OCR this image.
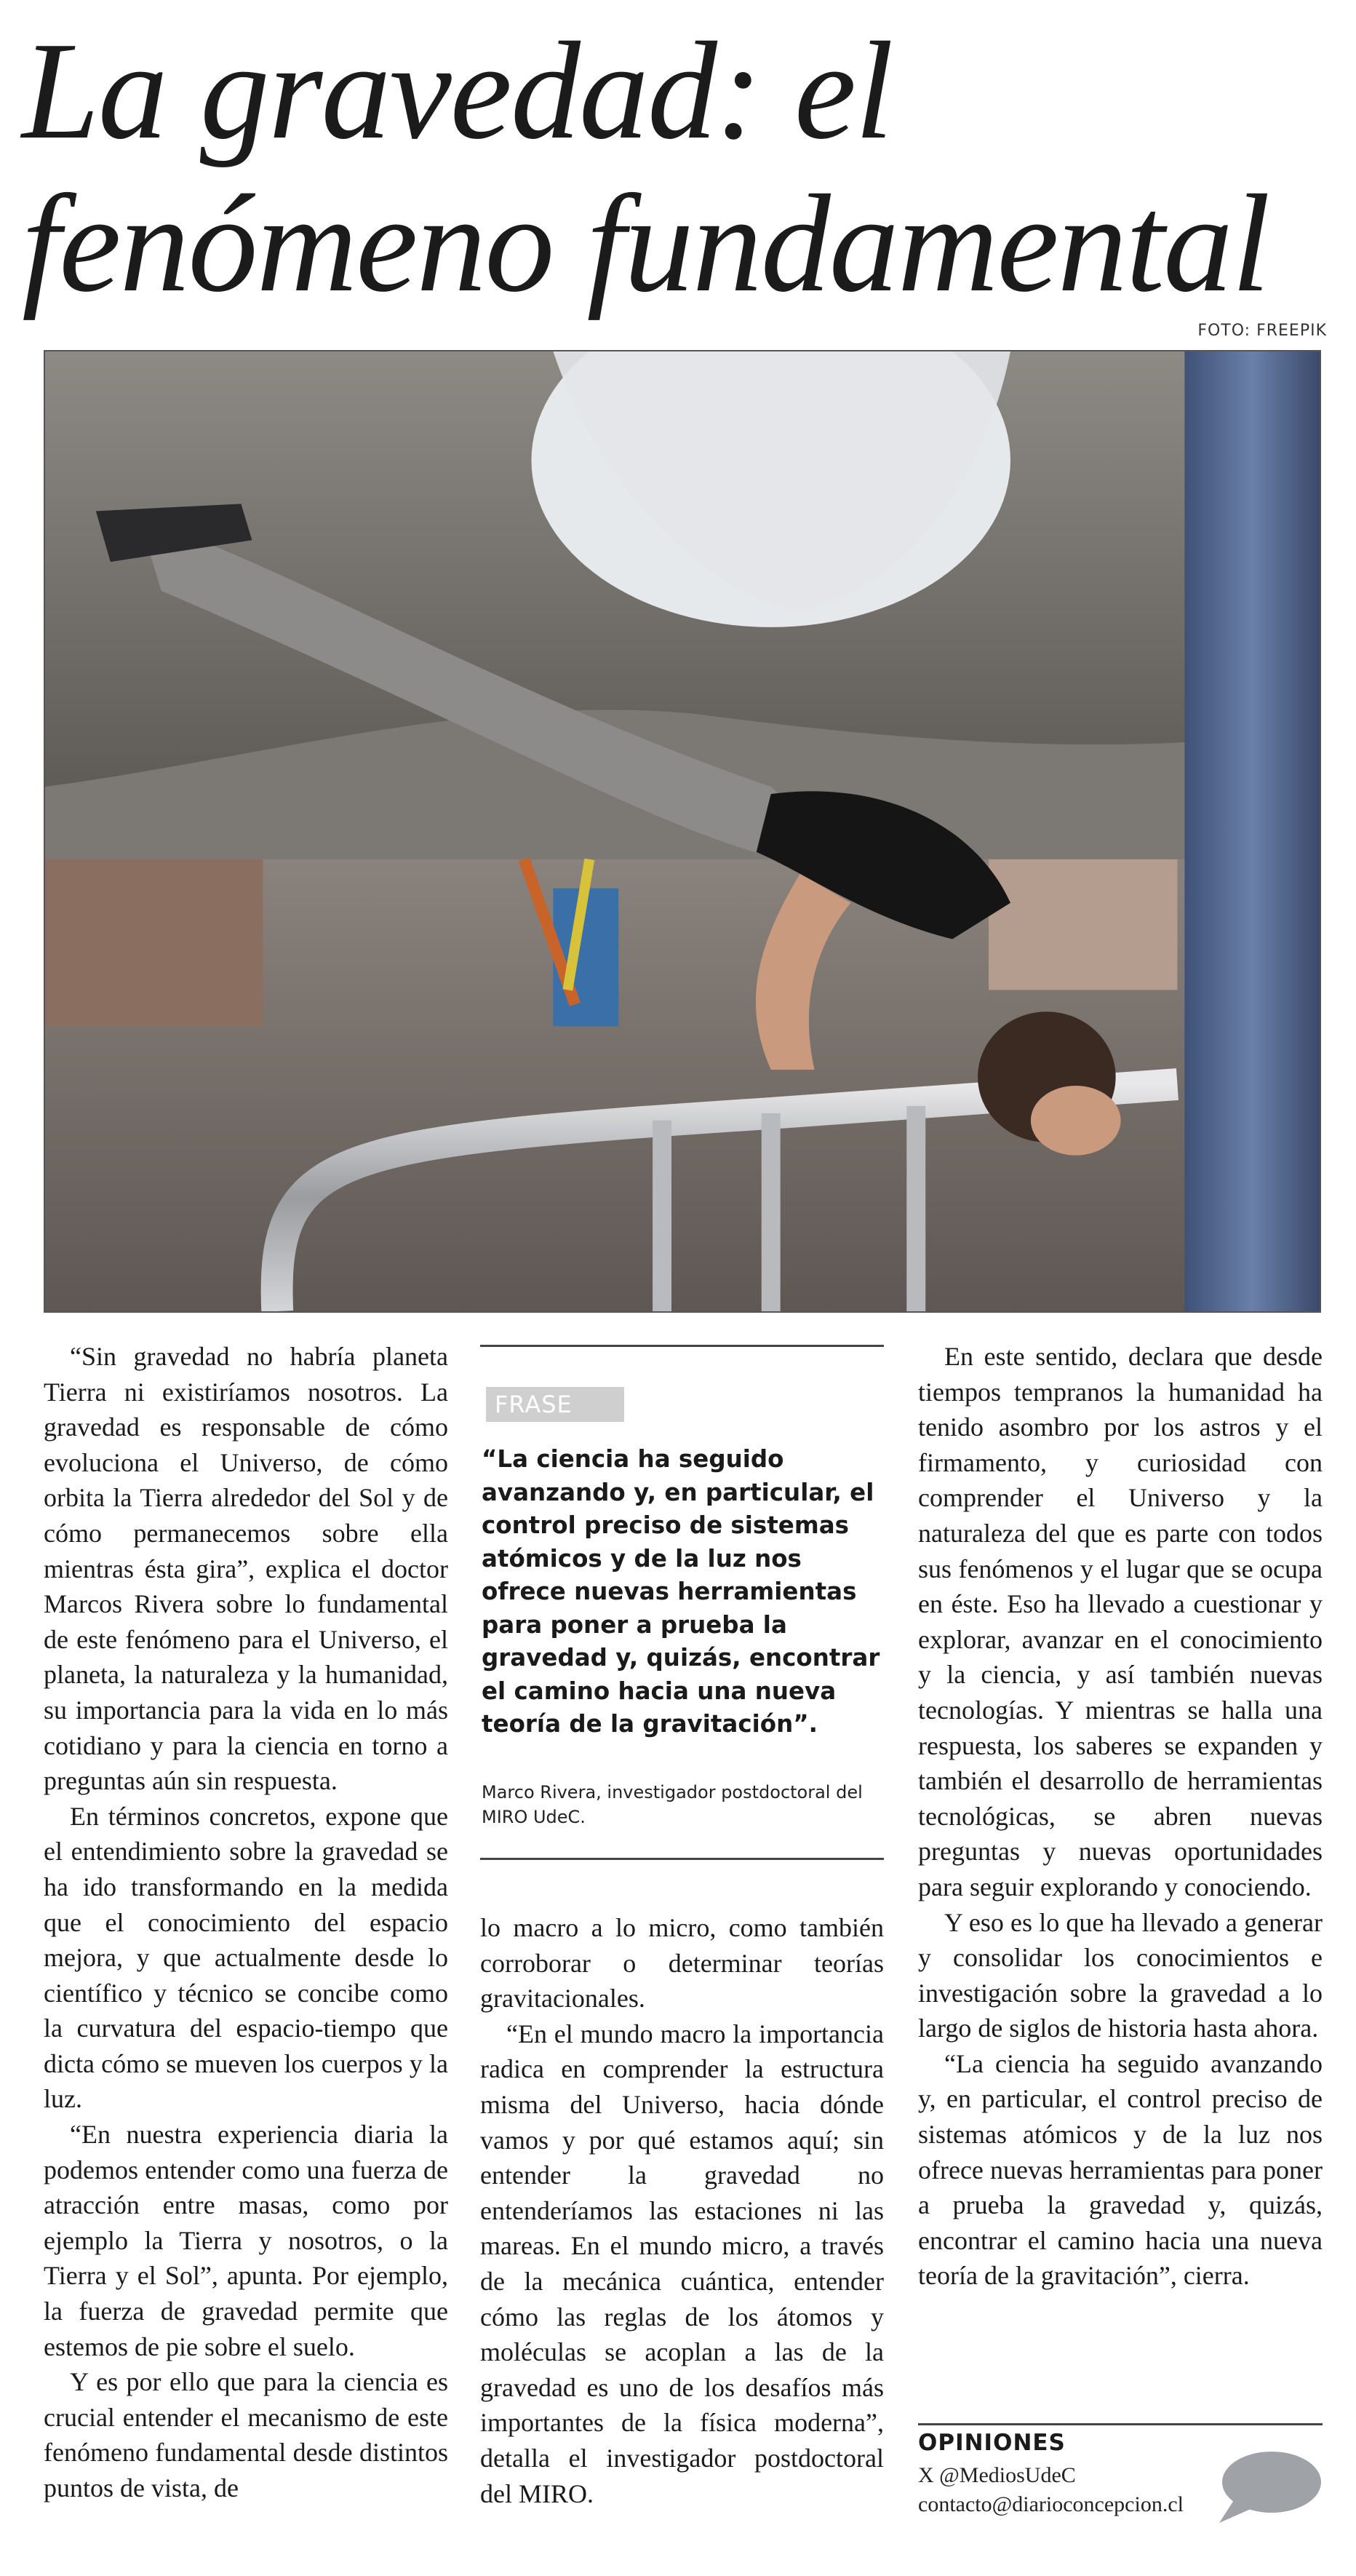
La gravedad: el
fenómeno fundamental
FOTO: FREEPIK

“Sin gravedad no habría planeta Tierra ni existiríamos nosotros. La gravedad es responsable de cómo evoluciona el Universo, de cómo orbita la Tierra alrededor del Sol y de cómo permanecemos sobre ella mientras ésta gira”, explica el doctor Marcos Rivera sobre lo fundamental de este fenómeno para el Universo, el planeta, la naturaleza y la humanidad, su importancia para la vida en lo más cotidiano y para la ciencia en torno a preguntas aún sin respuesta.

En términos concretos, expone que el entendimiento sobre la gravedad se ha ido transformando en la medida que el conocimiento del espacio mejora, y que actualmente desde lo científico y técnico se concibe como la curvatura del espacio-tiempo que dicta cómo se mueven los cuerpos y la luz.

“En nuestra experiencia diaria la podemos entender como una fuerza de atracción entre masas, como por ejemplo la Tierra y nosotros, o la Tierra y el Sol”, apunta. Por ejemplo, la fuerza de gravedad permite que estemos de pie sobre el suelo.

Y es por ello que para la ciencia es crucial entender el mecanismo de este fenómeno fundamental desde distintos puntos de vista, de

FRASE
“La ciencia ha seguido avanzando y, en particular, el control preciso de sistemas atómicos y de la luz nos ofrece nuevas herramientas para poner a prueba la gravedad y, quizás, encontrar el camino hacia una nueva teoría de la gravitación”.
Marco Rivera, investigador postdoctoral del MIRO UdeC.

lo macro a lo micro, como también corroborar o determinar teorías gravitacionales.

“En el mundo macro la importancia radica en comprender la estructura misma del Universo, hacia dónde vamos y por qué estamos aquí; sin entender la gravedad no entenderíamos las estaciones ni las mareas. En el mundo micro, a través de la mecánica cuántica, entender cómo las reglas de los átomos y moléculas se acoplan a las de la gravedad es uno de los desafíos más importantes de la física moderna”, detalla el investigador postdoctoral del MIRO.

En este sentido, declara que desde tiempos tempranos la humanidad ha tenido asombro por los astros y el firmamento, y curiosidad con comprender el Universo y la naturaleza del que es parte con todos sus fenómenos y el lugar que se ocupa en éste. Eso ha llevado a cuestionar y explorar, avanzar en el conocimiento y la ciencia, y así también nuevas tecnologías. Y mientras se halla una respuesta, los saberes se expanden y también el desarrollo de herramientas tecnológicas, se abren nuevas preguntas y nuevas oportunidades para seguir explorando y conociendo.

Y eso es lo que ha llevado a generar y consolidar los conocimientos e investigación sobre la gravedad a lo largo de siglos de historia hasta ahora.

“La ciencia ha seguido avanzando y, en particular, el control preciso de sistemas atómicos y de la luz nos ofrece nuevas herramientas para poner a prueba la gravedad y, quizás, encontrar el camino hacia una nueva teoría de la gravitación”, cierra.

OPINIONES
X @MediosUdeC
contacto@diarioconcepcion.cl
